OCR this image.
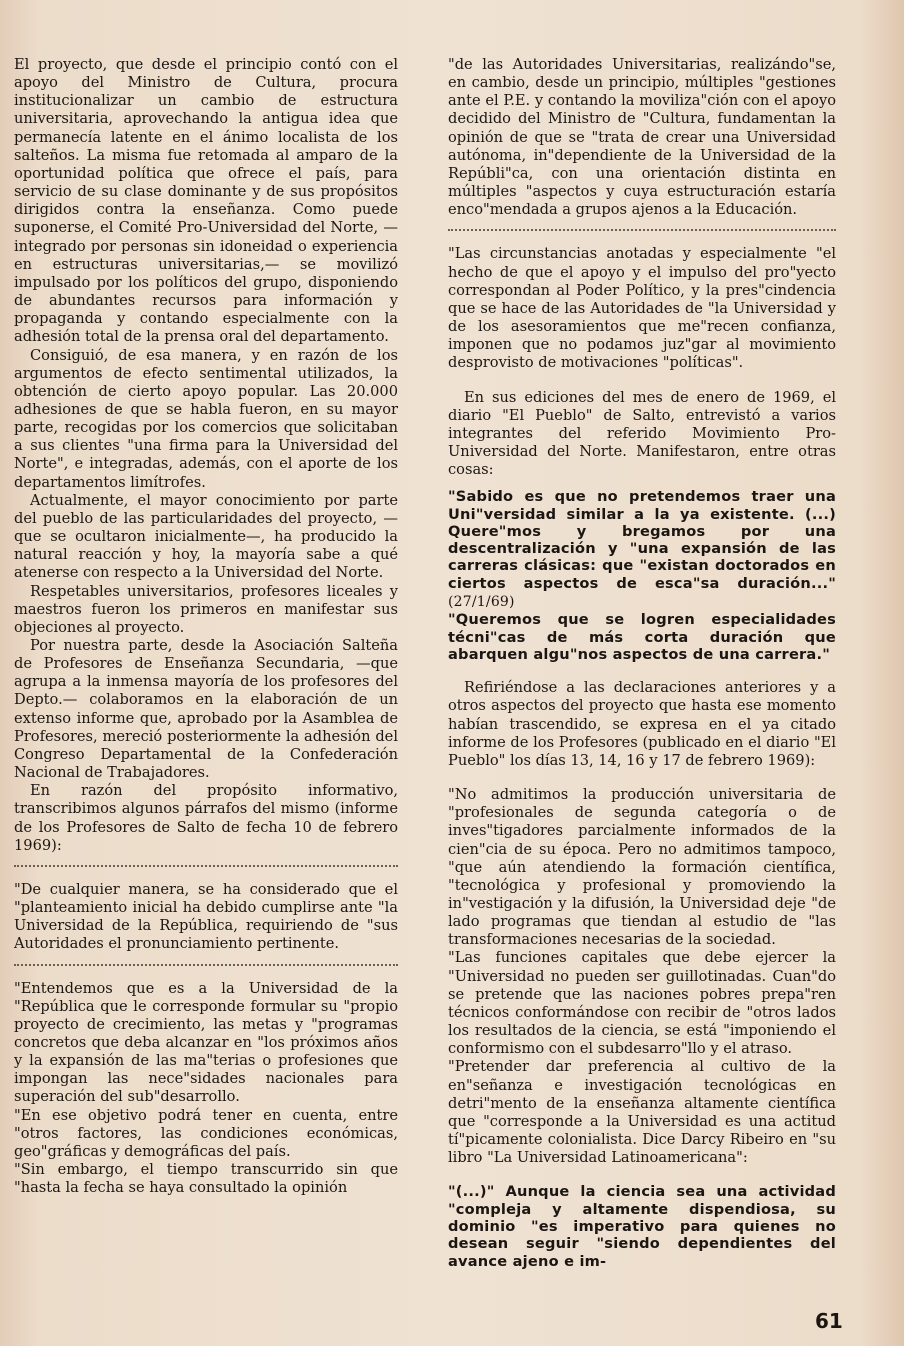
El proyecto, que desde el principio contó con el apoyo del Ministro de Cultura, procura institucionalizar un cambio de estructura universitaria, aprovechando la antigua idea que permanecía latente en el ánimo localista de los salteños. La misma fue retomada al amparo de la oportunidad política que ofrece el país, para servicio de su clase dominante y de sus propósitos dirigidos contra la enseñanza. Como puede suponerse, el Comité Pro-Universidad del Norte, —integrado por personas sin idoneidad o experiencia en estructuras universitarias,— se movilizó impulsado por los políticos del grupo, disponiendo de abundantes recursos para información y propaganda y contando especialmente con la adhesión total de la prensa oral del departamento.

Consiguió, de esa manera, y en razón de los argumentos de efecto sentimental utilizados, la obtención de cierto apoyo popular. Las 20.000 adhesiones de que se habla fueron, en su mayor parte, recogidas por los comercios que solicitaban a sus clientes "una firma para la Universidad del Norte", e integradas, además, con el aporte de los departamentos limítrofes.

Actualmente, el mayor conocimiento por parte del pueblo de las particularidades del proyecto, —que se ocultaron inicialmente—, ha producido la natural reacción y hoy, la mayoría sabe a qué atenerse con respecto a la Universidad del Norte.

Respetables universitarios, profesores liceales y maestros fueron los primeros en manifestar sus objeciones al proyecto.

Por nuestra parte, desde la Asociación Salteña de Profesores de Enseñanza Secundaria, —que agrupa a la inmensa mayoría de los profesores del Depto.— colaboramos en la elaboración de un extenso informe que, aprobado por la Asamblea de Profesores, mereció posteriormente la adhesión del Congreso Departamental de la Confederación Nacional de Trabajadores.

En razón del propósito informativo, transcribimos algunos párrafos del mismo (informe de los Profesores de Salto de fecha 10 de febrero 1969):

"De cualquier manera, se ha considerado que el "planteamiento inicial ha debido cumplirse ante "la Universidad de la República, requiriendo de "sus Autoridades el pronunciamiento pertinente.

"Entendemos que es a la Universidad de la "República que le corresponde formular su "propio proyecto de crecimiento, las metas y "programas concretos que deba alcanzar en "los próximos años y la expansión de las ma"terias o profesiones que impongan las nece"sidades nacionales para superación del sub"desarrollo.

"En ese objetivo podrá tener en cuenta, entre "otros factores, las condiciones económicas, geo"gráficas y demográficas del país.

"Sin embargo, el tiempo transcurrido sin que "hasta la fecha se haya consultado la opinión

"de las Autoridades Universitarias, realizándo"se, en cambio, desde un principio, múltiples "gestiones ante el P.E. y contando la moviliza"ción con el apoyo decidido del Ministro de "Cultura, fundamentan la opinión de que se "trata de crear una Universidad autónoma, in"dependiente de la Universidad de la Repúbli"ca, con una orientación distinta en múltiples "aspectos y cuya estructuración estaría enco"mendada a grupos ajenos a la Educación.

"Las circunstancias anotadas y especialmente "el hecho de que el apoyo y el impulso del pro"yecto correspondan al Poder Político, y la pres"cindencia que se hace de las Autoridades de "la Universidad y de los asesoramientos que me"recen confianza, imponen que no podamos juz"gar al movimiento desprovisto de motivaciones "políticas".

En sus ediciones del mes de enero de 1969, el diario "El Pueblo" de Salto, entrevistó a varios integrantes del referido Movimiento Pro-Universidad del Norte. Manifestaron, entre otras cosas:

"Sabido es que no pretendemos traer una Uni"versidad similar a la ya existente. (...) Quere"mos y bregamos por una descentralización y "una expansión de las carreras clásicas: que "existan doctorados en ciertos aspectos de esca"sa duración..." (27/1/69)

"Queremos que se logren especialidades técni"cas de más corta duración que abarquen algu"nos aspectos de una carrera."

Refiriéndose a las declaraciones anteriores y a otros aspectos del proyecto que hasta ese momento habían trascendido, se expresa en el ya citado informe de los Profesores (publicado en el diario "El Pueblo" los días 13, 14, 16 y 17 de febrero 1969):

"No admitimos la producción universitaria de "profesionales de segunda categoría o de inves"tigadores parcialmente informados de la cien"cia de su época. Pero no admitimos tampoco, "que aún atendiendo la formación científica, "tecnológica y profesional y promoviendo la in"vestigación y la difusión, la Universidad deje "de lado programas que tiendan al estudio de "las transformaciones necesarias de la sociedad.

"Las funciones capitales que debe ejercer la "Universidad no pueden ser guillotinadas. Cuan"do se pretende que las naciones pobres prepa"ren técnicos conformándose con recibir de "otros lados los resultados de la ciencia, se está "imponiendo el conformismo con el subdesarro"llo y el atraso.

"Pretender dar preferencia al cultivo de la en"señanza e investigación tecnológicas en detri"mento de la enseñanza altamente científica que "corresponde a la Universidad es una actitud tí"picamente colonialista. Dice Darcy Ribeiro en "su libro "La Universidad Latinoamericana":

"(...)" Aunque la ciencia sea una actividad "compleja y altamente dispendiosa, su dominio "es imperativo para quienes no desean seguir "siendo dependientes del avance ajeno e im-

61
